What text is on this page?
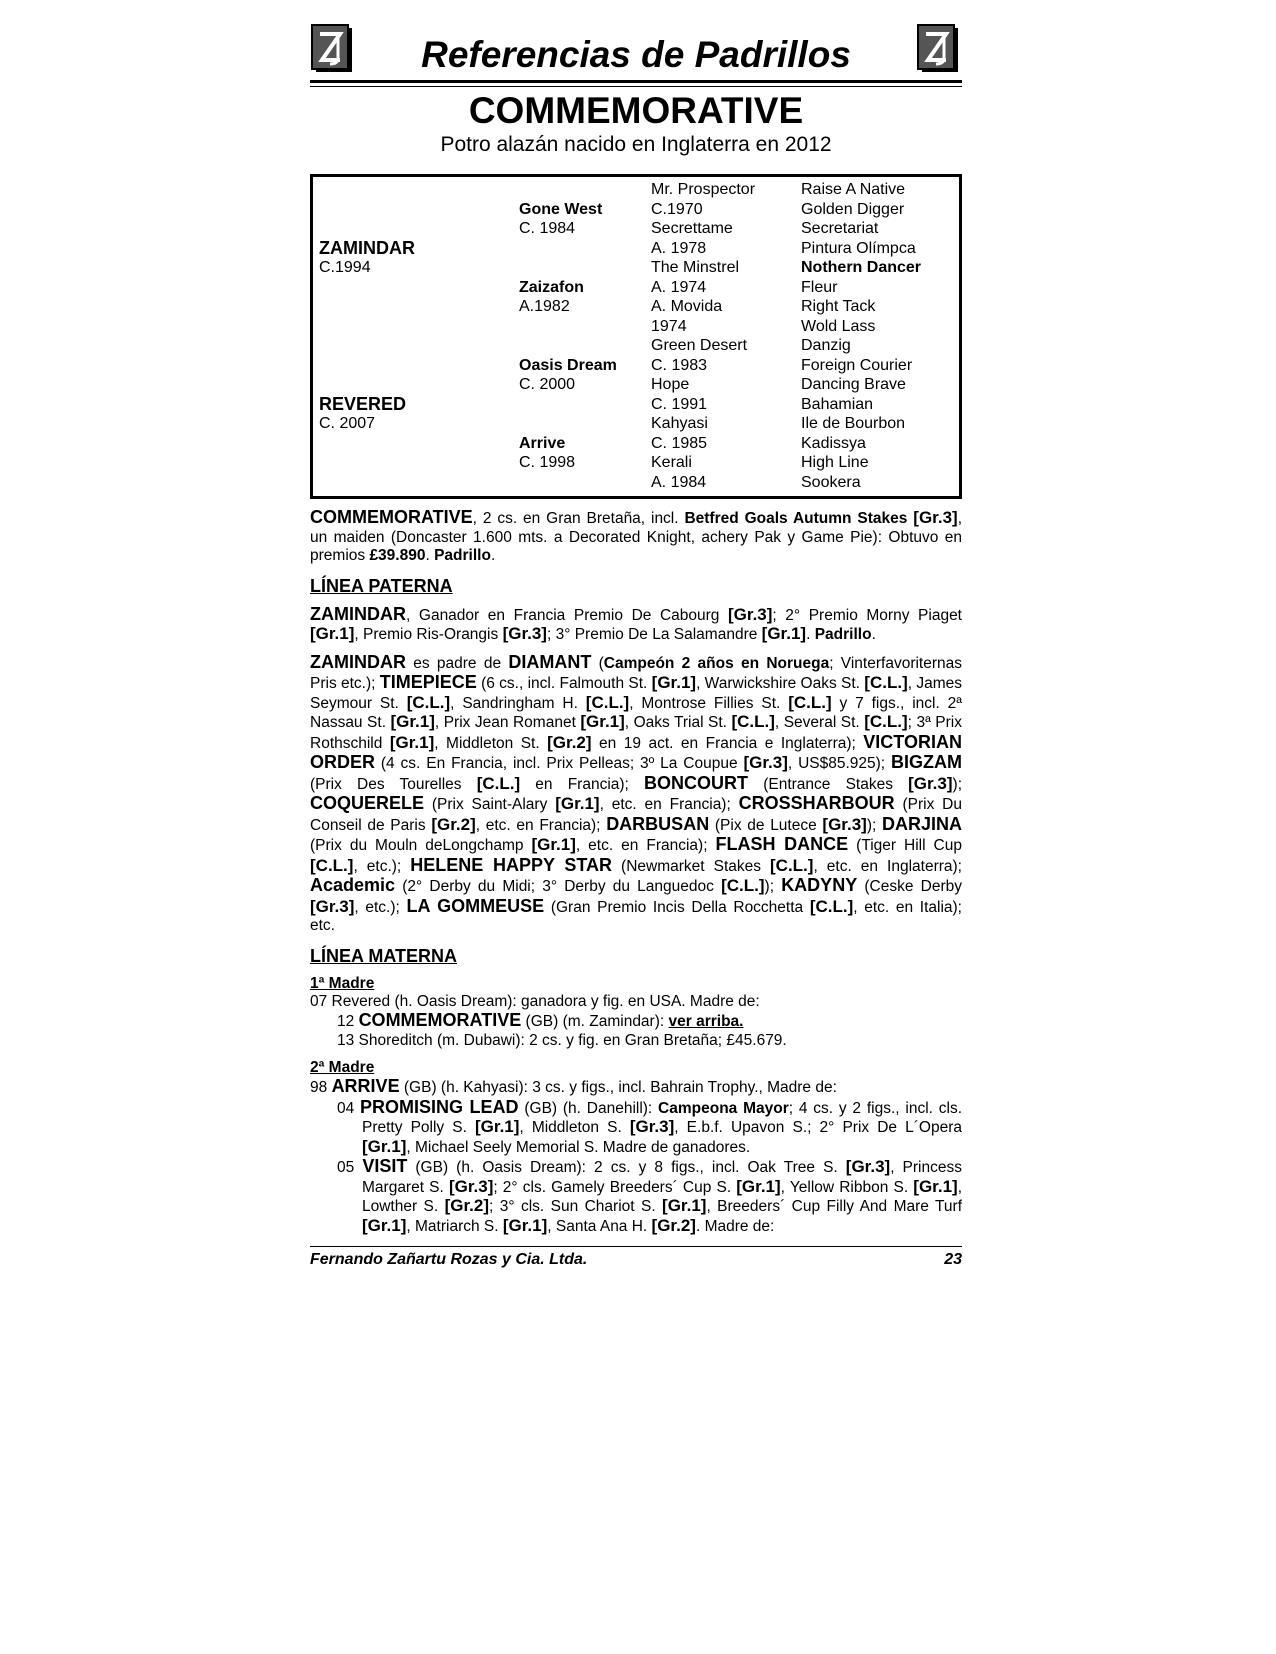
Referencias de Padrillos
COMMEMORATIVE
Potro alazán nacido en Inglaterra en 2012
ZAMINDAR
C.1994
REVERED
C. 2007
Gone West
C. 1984
Zaizafon
A.1982
Oasis Dream
C. 2000
Arrive
C. 1998
Mr. Prospector
C.1970
Secrettame
A. 1978
The Minstrel
A. 1974
A. Movida
1974
Green Desert
C. 1983
Hope
C. 1991
Kahyasi
C. 1985
Kerali
A. 1984
Raise A Native
Golden Digger
Secretariat
Pintura Olímpca
Nothern Dancer
Fleur
Right Tack
Wold Lass
Danzig
Foreign Courier
Dancing Brave
Bahamian
Ile de Bourbon
Kadissya
High Line
Sookera
COMMEMORATIVE, 2 cs. en Gran Bretaña, incl. Betfred Goals Autumn Stakes [Gr.3], un maiden (Doncaster 1.600 mts. a Decorated Knight, achery Pak y Game Pie): Obtuvo en premios £39.890. Padrillo.
LÍNEA PATERNA
ZAMINDAR, Ganador en Francia Premio De Cabourg [Gr.3]; 2° Premio Morny Piaget [Gr.1], Premio Ris-Orangis [Gr.3]; 3° Premio De La Salamandre [Gr.1]. Padrillo.
ZAMINDAR es padre de DIAMANT (Campeón 2 años en Noruega; Vinterfavoriternas Pris etc.); TIMEPIECE (6 cs., incl. Falmouth St. [Gr.1], Warwickshire Oaks St. [C.L.], James Seymour St. [C.L.], Sandringham H. [C.L.], Montrose Fillies St. [C.L.] y 7 figs., incl. 2ª Nassau St. [Gr.1], Prix Jean Romanet [Gr.1], Oaks Trial St. [C.L.], Several St. [C.L.]; 3ª Prix Rothschild [Gr.1], Middleton St. [Gr.2] en 19 act. en Francia e Inglaterra); VICTORIAN ORDER (4 cs. En Francia, incl. Prix Pelleas; 3º La Coupue [Gr.3], US$85.925); BIGZAM (Prix Des Tourelles [C.L.] en Francia); BONCOURT (Entrance Stakes [Gr.3]); COQUERELE (Prix Saint-Alary [Gr.1], etc. en Francia); CROSSHARBOUR (Prix Du Conseil de Paris [Gr.2], etc. en Francia); DARBUSAN (Pix de Lutece [Gr.3]); DARJINA (Prix du Mouln deLongchamp [Gr.1], etc. en Francia); FLASH DANCE (Tiger Hill Cup [C.L.], etc.); HELENE HAPPY STAR (Newmarket Stakes [C.L.], etc. en Inglaterra); Academic (2° Derby du Midi; 3° Derby du Languedoc [C.L.]); KADYNY (Ceske Derby [Gr.3], etc.); LA GOMMEUSE (Gran Premio Incis Della Rocchetta [C.L.], etc. en Italia); etc.
LÍNEA MATERNA
1ª Madre
07 Revered (h. Oasis Dream): ganadora y fig. en USA. Madre de:
12 COMMEMORATIVE (GB) (m. Zamindar): ver arriba.
13 Shoreditch (m. Dubawi): 2 cs. y fig. en Gran Bretaña; £45.679.
2ª Madre
98 ARRIVE (GB) (h. Kahyasi): 3 cs. y figs., incl. Bahrain Trophy., Madre de:
04 PROMISING LEAD (GB) (h. Danehill): Campeona Mayor; 4 cs. y 2 figs., incl. cls. Pretty Polly S. [Gr.1], Middleton S. [Gr.3], E.b.f. Upavon S.; 2° Prix De L´Opera [Gr.1], Michael Seely Memorial S. Madre de ganadores.
05 VISIT (GB) (h. Oasis Dream): 2 cs. y 8 figs., incl. Oak Tree S. [Gr.3], Princess Margaret S. [Gr.3]; 2° cls. Gamely Breeders´ Cup S. [Gr.1], Yellow Ribbon S. [Gr.1], Lowther S. [Gr.2]; 3° cls. Sun Chariot S. [Gr.1], Breeders´ Cup Filly And Mare Turf [Gr.1], Matriarch S. [Gr.1], Santa Ana H. [Gr.2]. Madre de:
Fernando Zañartu Rozas y Cia. Ltda.	23
